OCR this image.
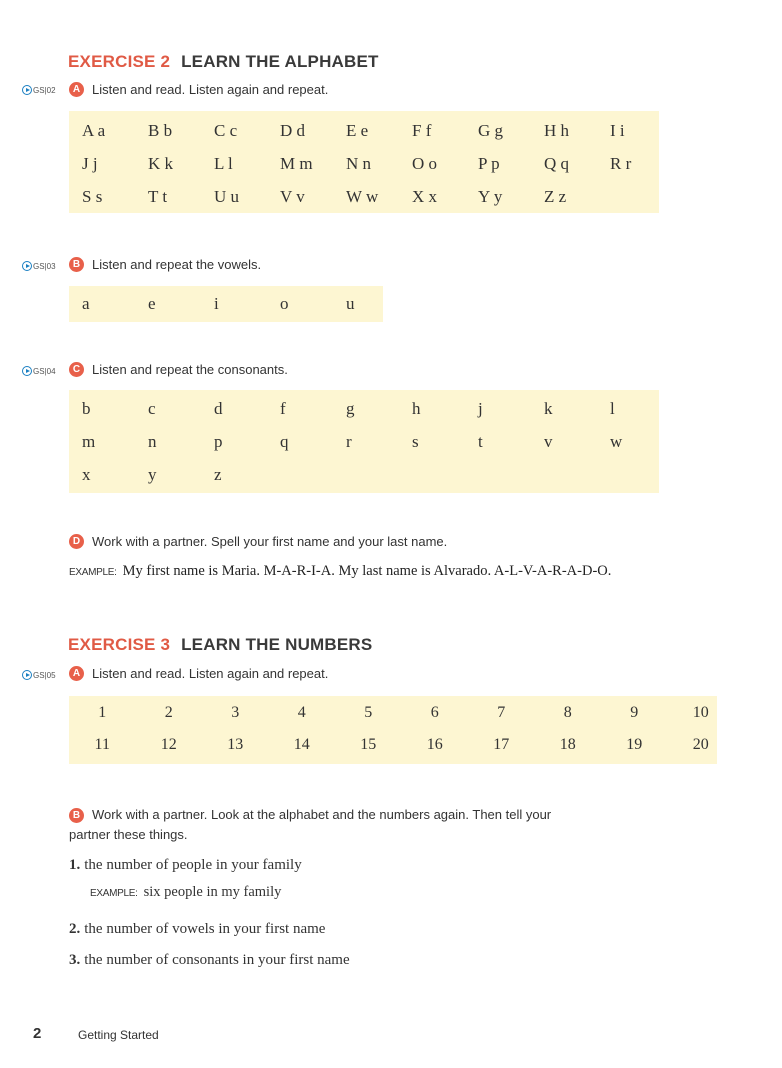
EXERCISE 2 LEARN THE ALPHABET
GS|02	A Listen and read. Listen again and repeat.
A a	B b	C c	D d	E e	F f	G g	H h	I i
J j	K k	L l	M m	N n	O o	P p	Q q	R r
S s	T t	U u	V v	W w	X x	Y y	Z z
GS|03	B Listen and repeat the vowels.
a	e	i	o	u
GS|04	C Listen and repeat the consonants.
b	c	d	f	g	h	j	k	l
m	n	p	q	r	s	t	v	w
x	y	z
D Work with a partner. Spell your first name and your last name.
EXAMPLE: My first name is Maria. M-A-R-I-A. My last name is Alvarado. A-L-V-A-R-A-D-O.
EXERCISE 3 LEARN THE NUMBERS
GS|05	A Listen and read. Listen again and repeat.
1	2	3	4	5	6	7	8	9	10
11	12	13	14	15	16	17	18	19	20
B Work with a partner. Look at the alphabet and the numbers again. Then tell your
partner these things.
1. the number of people in your family
EXAMPLE: six people in my family
2. the number of vowels in your first name
3. the number of consonants in your first name
2	Getting Started
